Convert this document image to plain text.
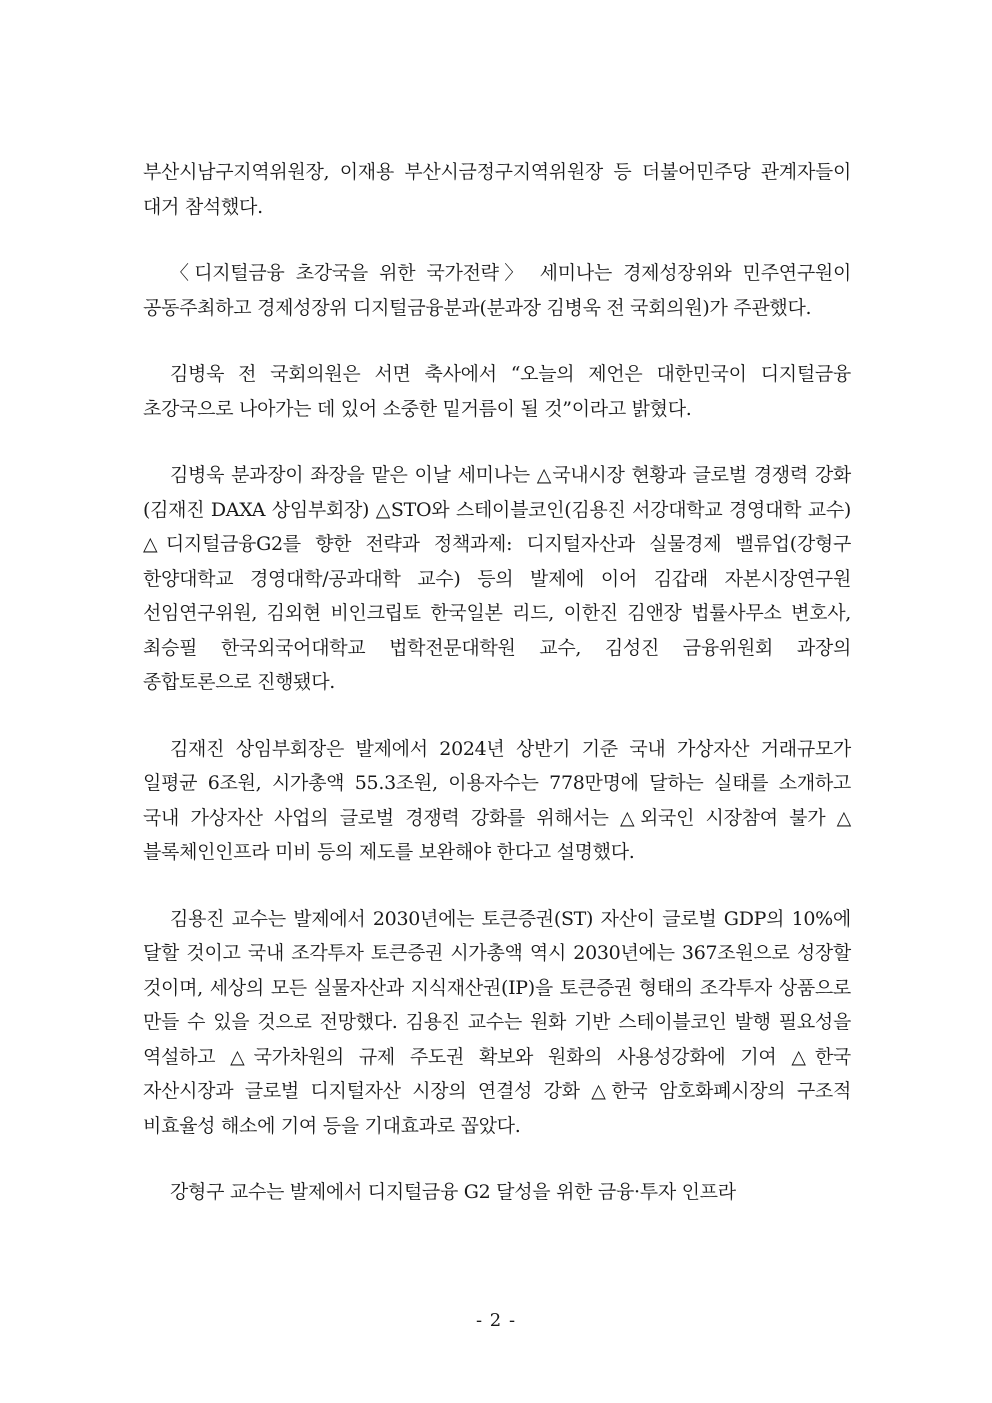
부산시남구지역위원장, 이재용 부산시금정구지역위원장 등 더불어민주당 관계자들이 대거 참석했다.

〈디지털금융 초강국을 위한 국가전략〉 세미나는 경제성장위와 민주연구원이 공동주최하고 경제성장위 디지털금융분과(분과장 김병욱 전 국회의원)가 주관했다.

김병욱 전 국회의원은 서면 축사에서 “오늘의 제언은 대한민국이 디지털금융 초강국으로 나아가는 데 있어 소중한 밑거름이 될 것”이라고 밝혔다.

김병욱 분과장이 좌장을 맡은 이날 세미나는 △국내시장 현황과 글로벌 경쟁력 강화(김재진 DAXA 상임부회장) △STO와 스테이블코인(김용진 서강대학교 경영대학 교수) △디지털금융G2를 향한 전략과 정책과제: 디지털자산과 실물경제 밸류업(강형구 한양대학교 경영대학/공과대학 교수) 등의 발제에 이어 김갑래 자본시장연구원 선임연구위원, 김외현 비인크립토 한국일본 리드, 이한진 김앤장 법률사무소 변호사, 최승필 한국외국어대학교 법학전문대학원 교수, 김성진 금융위원회 과장의 종합토론으로 진행됐다.

김재진 상임부회장은 발제에서 2024년 상반기 기준 국내 가상자산 거래규모가 일평균 6조원, 시가총액 55.3조원, 이용자수는 778만명에 달하는 실태를 소개하고 국내 가상자산 사업의 글로벌 경쟁력 강화를 위해서는 △외국인 시장참여 불가 △블록체인인프라 미비 등의 제도를 보완해야 한다고 설명했다.

김용진 교수는 발제에서 2030년에는 토큰증권(ST) 자산이 글로벌 GDP의 10%에 달할 것이고 국내 조각투자 토큰증권 시가총액 역시 2030년에는 367조원으로 성장할 것이며, 세상의 모든 실물자산과 지식재산권(IP)을 토큰증권 형태의 조각투자 상품으로 만들 수 있을 것으로 전망했다. 김용진 교수는 원화 기반 스테이블코인 발행 필요성을 역설하고 △국가차원의 규제 주도권 확보와 원화의 사용성강화에 기여 △한국 자산시장과 글로벌 디지털자산 시장의 연결성 강화 △한국 암호화폐시장의 구조적 비효율성 해소에 기여 등을 기대효과로 꼽았다.

강형구 교수는 발제에서 디지털금융 G2 달성을 위한 금융·투자 인프라

- 2 -
